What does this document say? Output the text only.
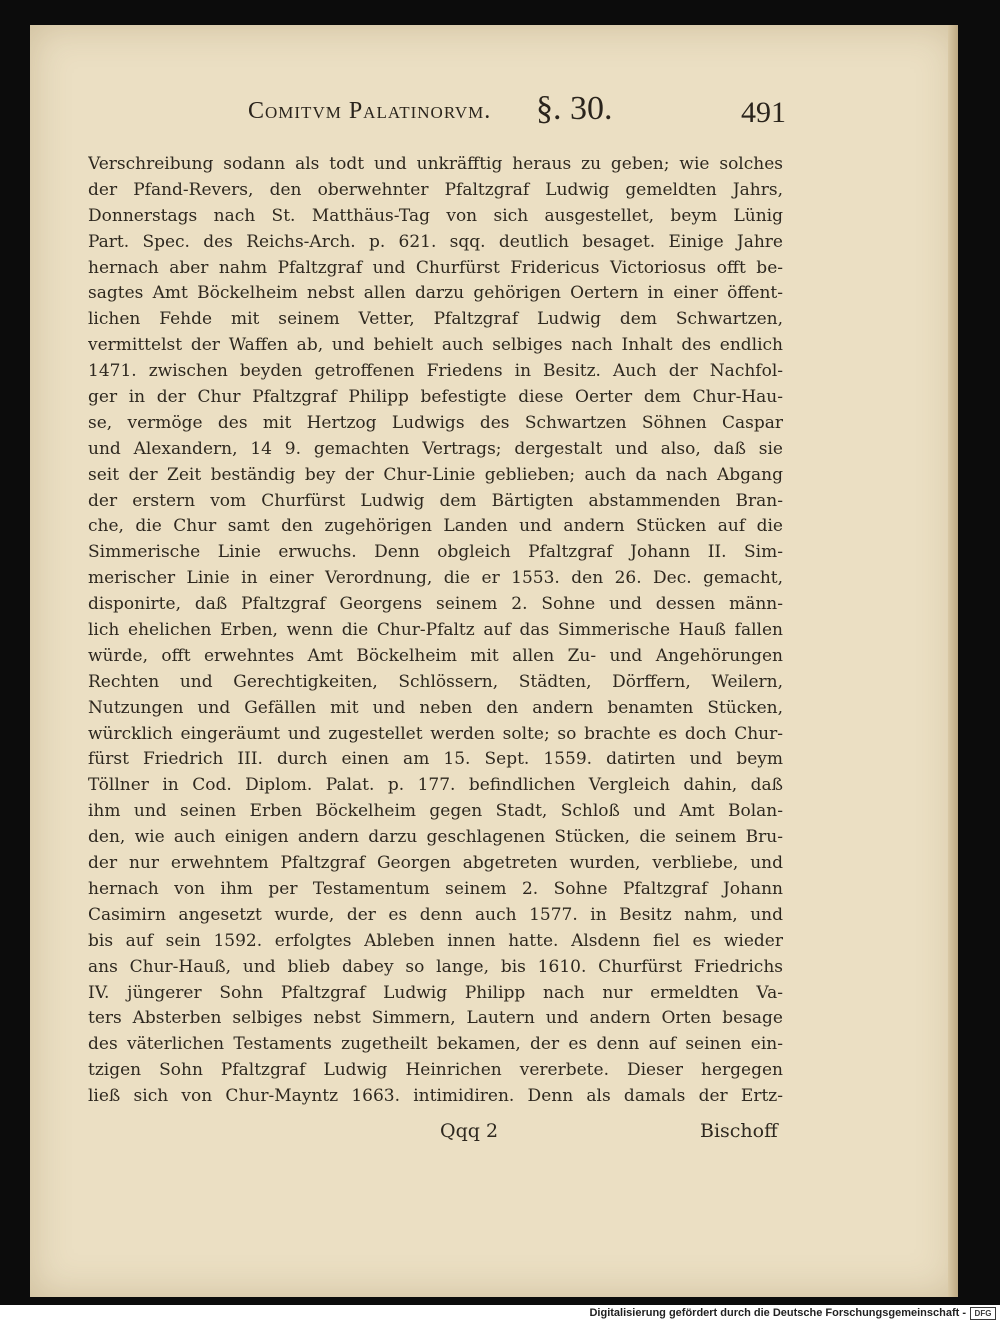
Comitvm Palatinorvm. §. 30.	491
Verschreibung sodann als todt und unkräfftig heraus zu geben; wie solches
der Pfand-Revers, den oberwehnter Pfaltzgraf Ludwig gemeldten Jahrs,
Donnerstags nach St. Matthäus-Tag von sich ausgestellet, beym Lünig
Part. Spec. des Reichs-Arch. p. 621. sqq. deutlich besaget. Einige Jahre
hernach aber nahm Pfaltzgraf und Churfürst Fridericus Victoriosus offt be-
sagtes Amt Böckelheim nebst allen darzu gehörigen Oertern in einer öffent-
lichen Fehde mit seinem Vetter, Pfaltzgraf Ludwig dem Schwartzen,
vermittelst der Waffen ab, und behielt auch selbiges nach Inhalt des endlich
1471. zwischen beyden getroffenen Friedens in Besitz. Auch der Nachfol-
ger in der Chur Pfaltzgraf Philipp befestigte diese Oerter dem Chur-Hau-
se, vermöge des mit Hertzog Ludwigs des Schwartzen Söhnen Caspar
und Alexandern, 14 9. gemachten Vertrags; dergestalt und also, daß sie
seit der Zeit beständig bey der Chur-Linie geblieben; auch da nach Abgang
der erstern vom Churfürst Ludwig dem Bärtigten abstammenden Bran-
che, die Chur samt den zugehörigen Landen und andern Stücken auf die
Simmerische Linie erwuchs. Denn obgleich Pfaltzgraf Johann II. Sim-
merischer Linie in einer Verordnung, die er 1553. den 26. Dec. gemacht,
disponirte, daß Pfaltzgraf Georgens seinem 2. Sohne und dessen männ-
lich ehelichen Erben, wenn die Chur-Pfaltz auf das Simmerische Hauß fallen
würde, offt erwehntes Amt Böckelheim mit allen Zu- und Angehörungen
Rechten und Gerechtigkeiten, Schlössern, Städten, Dörffern, Weilern,
Nutzungen und Gefällen mit und neben den andern benamten Stücken,
würcklich eingeräumt und zugestellet werden solte; so brachte es doch Chur-
fürst Friedrich III. durch einen am 15. Sept. 1559. datirten und beym
Töllner in Cod. Diplom. Palat. p. 177. befindlichen Vergleich dahin, daß
ihm und seinen Erben Böckelheim gegen Stadt, Schloß und Amt Bolan-
den, wie auch einigen andern darzu geschlagenen Stücken, die seinem Bru-
der nur erwehntem Pfaltzgraf Georgen abgetreten wurden, verbliebe, und
hernach von ihm per Testamentum seinem 2. Sohne Pfaltzgraf Johann
Casimirn angesetzt wurde, der es denn auch 1577. in Besitz nahm, und
bis auf sein 1592. erfolgtes Ableben innen hatte. Alsdenn fiel es wieder
ans Chur-Hauß, und blieb dabey so lange, bis 1610. Churfürst Friedrichs
IV. jüngerer Sohn Pfaltzgraf Ludwig Philipp nach nur ermeldten Va-
ters Absterben selbiges nebst Simmern, Lautern und andern Orten besage
des väterlichen Testaments zugetheilt bekamen, der es denn auf seinen ein-
tzigen Sohn Pfaltzgraf Ludwig Heinrichen vererbete. Dieser hergegen
ließ sich von Chur-Mayntz 1663. intimidiren. Denn als damals der Ertz-
Qqq 2	Bischoff
Digitalisierung gefördert durch die Deutsche Forschungsgemeinschaft -	DFG
